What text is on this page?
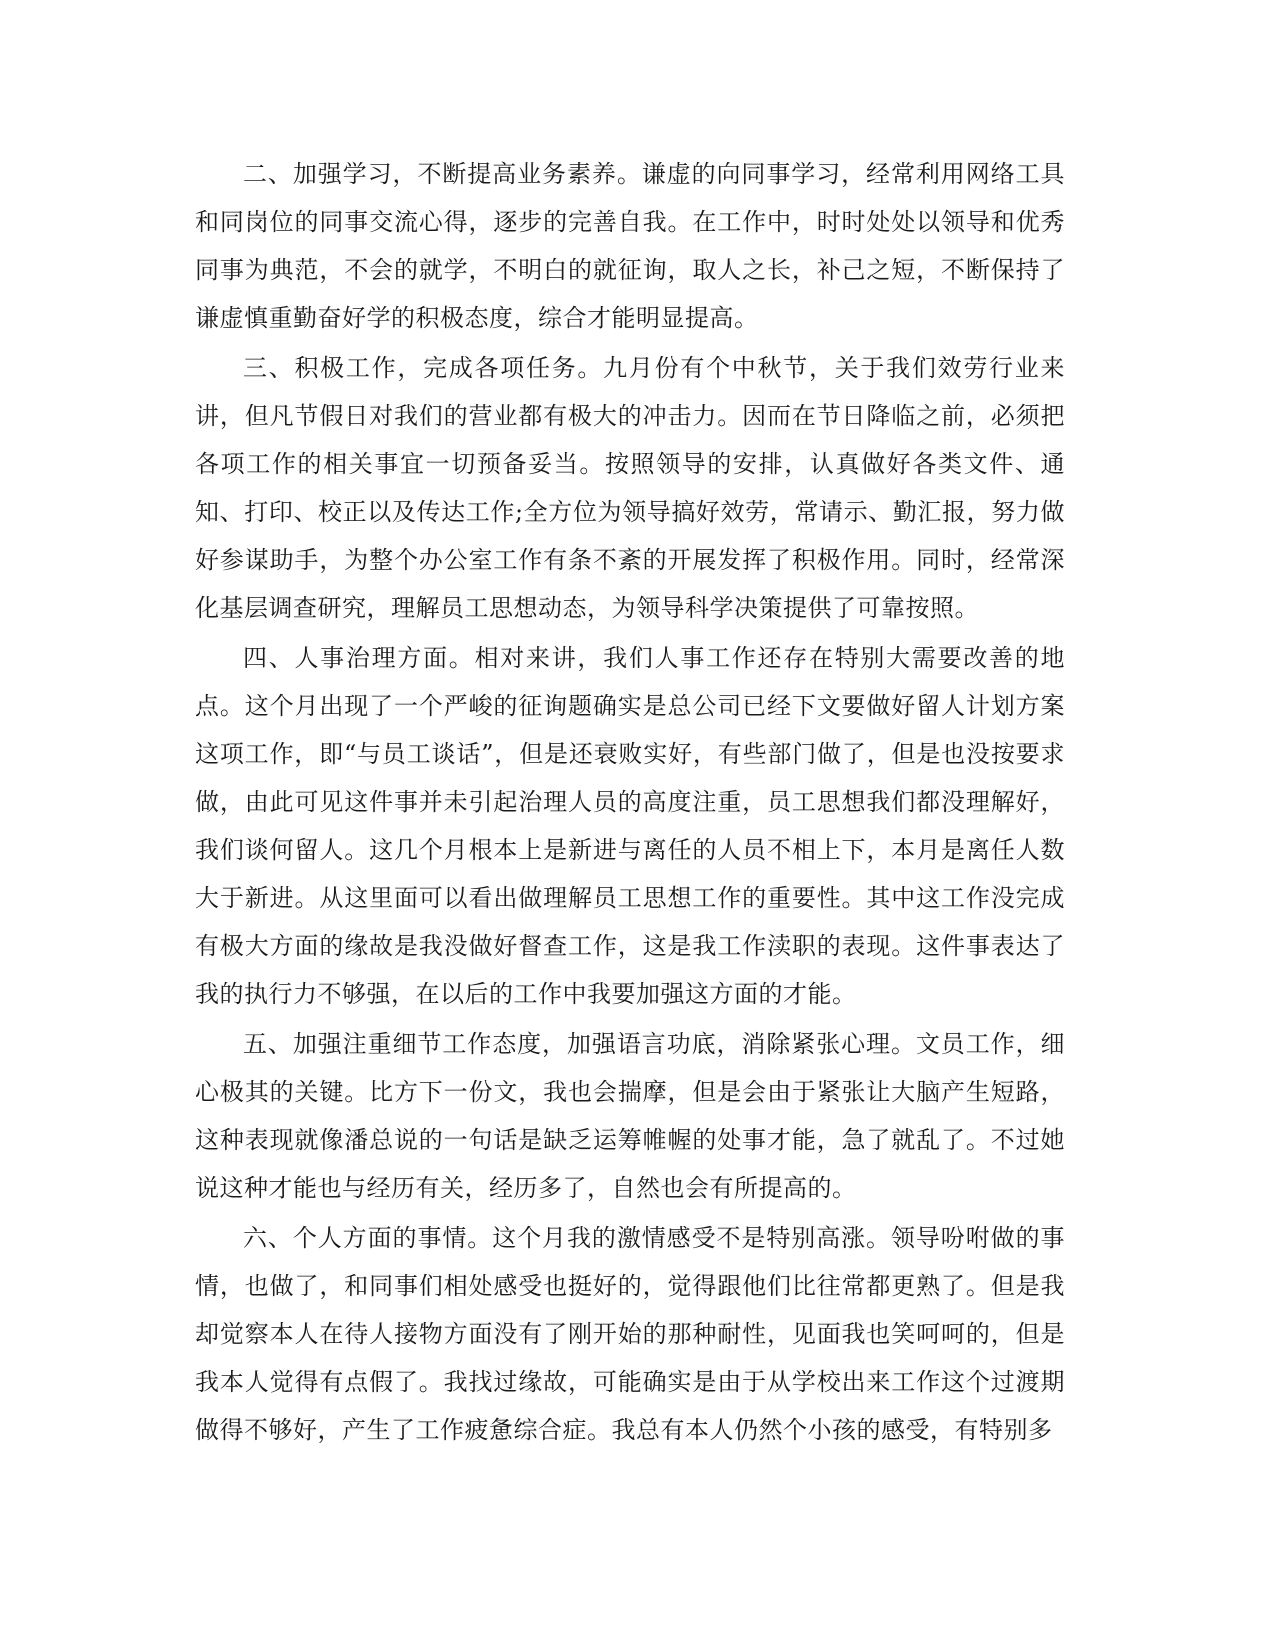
二、加强学习，不断提高业务素养。谦虚的向同事学习，经常利用网络工具和同岗位的同事交流心得，逐步的完善自我。在工作中，时时处处以领导和优秀同事为典范，不会的就学，不明白的就征询，取人之长，补己之短，不断保持了谦虚慎重勤奋好学的积极态度，综合才能明显提高。

三、积极工作，完成各项任务。九月份有个中秋节，关于我们效劳行业来讲，但凡节假日对我们的营业都有极大的冲击力。因而在节日降临之前，必须把各项工作的相关事宜一切预备妥当。按照领导的安排，认真做好各类文件、通知、打印、校正以及传达工作;全方位为领导搞好效劳，常请示、勤汇报，努力做好参谋助手，为整个办公室工作有条不紊的开展发挥了积极作用。同时，经常深化基层调查研究，理解员工思想动态，为领导科学决策提供了可靠按照。

四、人事治理方面。相对来讲，我们人事工作还存在特别大需要改善的地点。这个月出现了一个严峻的征询题确实是总公司已经下文要做好留人计划方案这项工作，即“与员工谈话”，但是还衰败实好，有些部门做了，但是也没按要求做，由此可见这件事并未引起治理人员的高度注重，员工思想我们都没理解好，我们谈何留人。这几个月根本上是新进与离任的人员不相上下，本月是离任人数大于新进。从这里面可以看出做理解员工思想工作的重要性。其中这工作没完成有极大方面的缘故是我没做好督查工作，这是我工作渎职的表现。这件事表达了我的执行力不够强，在以后的工作中我要加强这方面的才能。

五、加强注重细节工作态度，加强语言功底，消除紧张心理。文员工作，细心极其的关键。比方下一份文，我也会揣摩，但是会由于紧张让大脑产生短路，这种表现就像潘总说的一句话是缺乏运筹帷幄的处事才能，急了就乱了。不过她说这种才能也与经历有关，经历多了，自然也会有所提高的。

六、个人方面的事情。这个月我的激情感受不是特别高涨。领导吩咐做的事情，也做了，和同事们相处感受也挺好的，觉得跟他们比往常都更熟了。但是我却觉察本人在待人接物方面没有了刚开始的那种耐性，见面我也笑呵呵的，但是我本人觉得有点假了。我找过缘故，可能确实是由于从学校出来工作这个过渡期做得不够好，产生了工作疲惫综合症。我总有本人仍然个小孩的感受，有特别多
